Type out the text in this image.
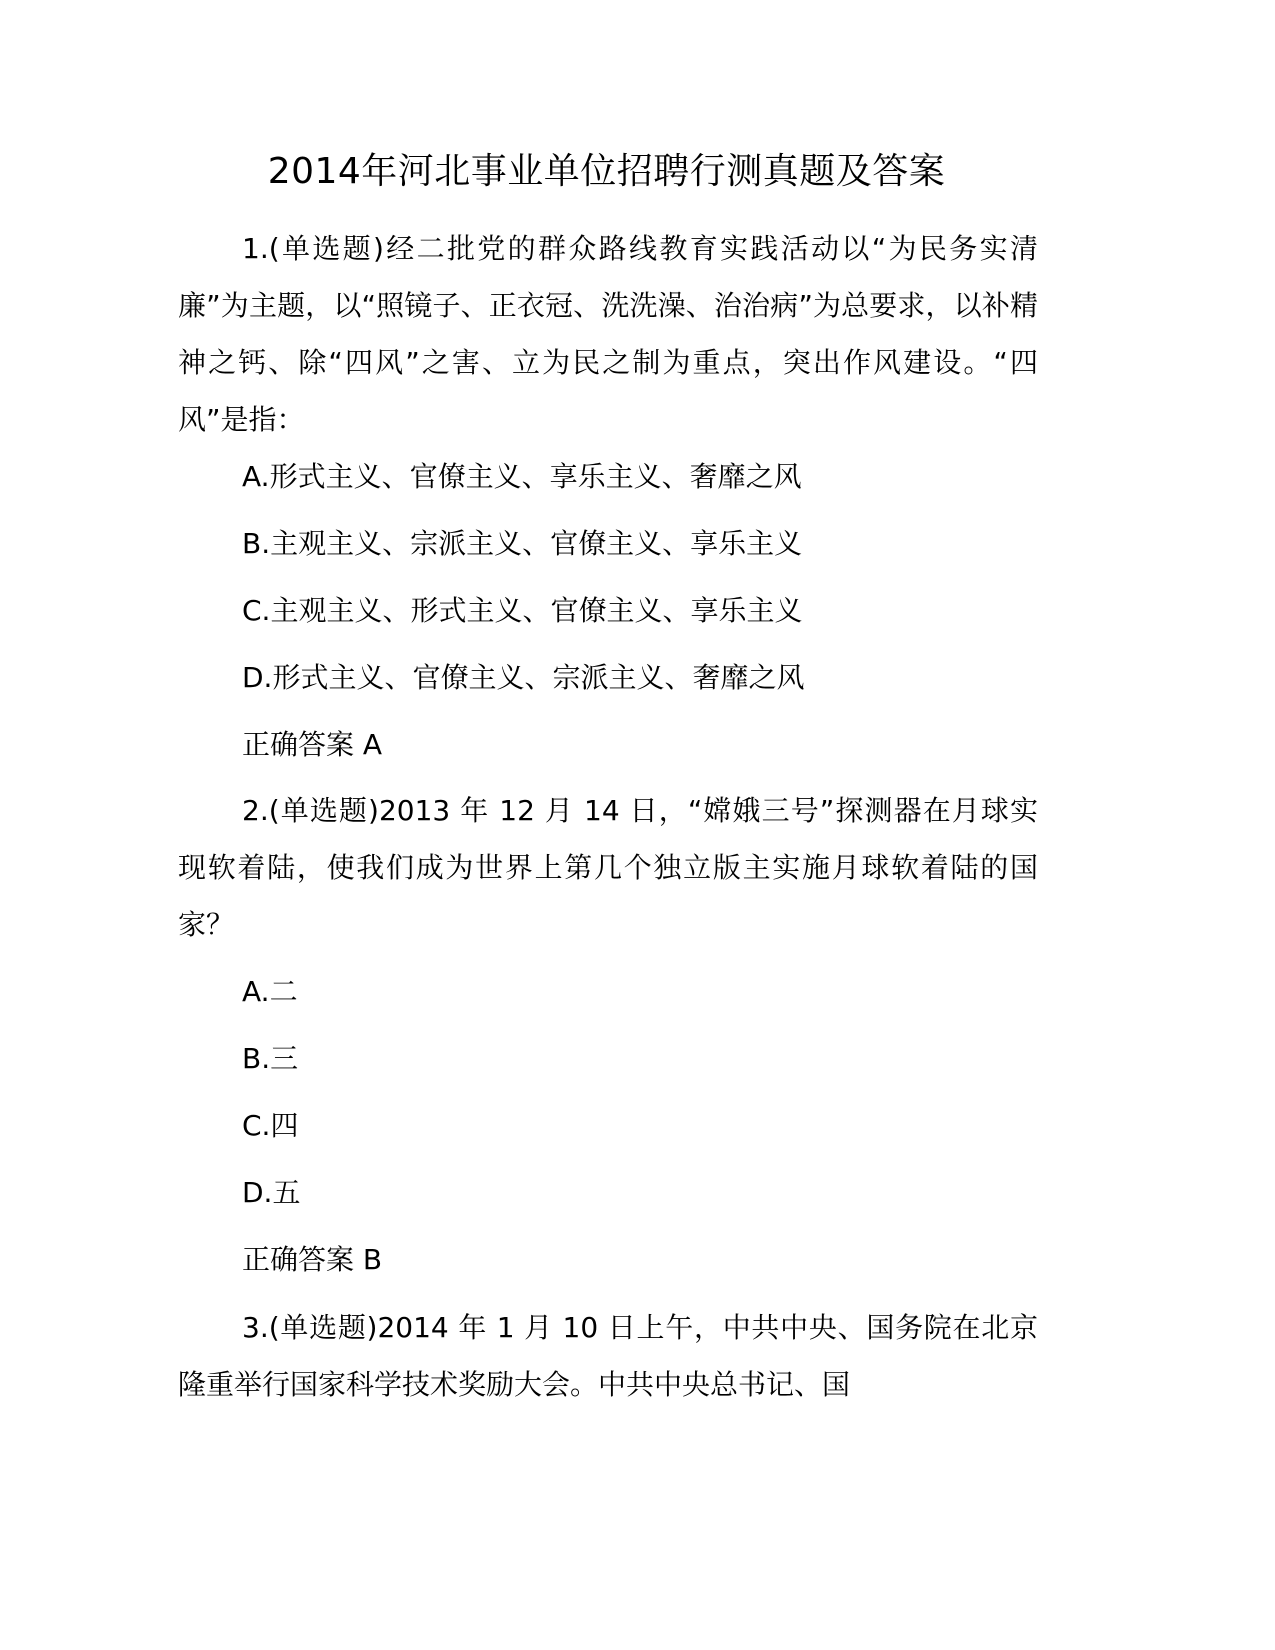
2014年河北事业单位招聘行测真题及答案

1.(单选题)经二批党的群众路线教育实践活动以“为民务实清廉”为主题，以“照镜子、正衣冠、洗洗澡、治治病”为总要求，以补精神之钙、除“四风”之害、立为民之制为重点，突出作风建设。“四风”是指：

A.形式主义、官僚主义、享乐主义、奢靡之风

B.主观主义、宗派主义、官僚主义、享乐主义

C.主观主义、形式主义、官僚主义、享乐主义

D.形式主义、官僚主义、宗派主义、奢靡之风

正确答案 A

2.(单选题)2013 年 12 月 14 日，“嫦娥三号”探测器在月球实现软着陆，使我们成为世界上第几个独立版主实施月球软着陆的国家？

A.二

B.三

C.四

D.五

正确答案 B

3.(单选题)2014 年 1 月 10 日上午，中共中央、国务院在北京隆重举行国家科学技术奖励大会。中共中央总书记、国
